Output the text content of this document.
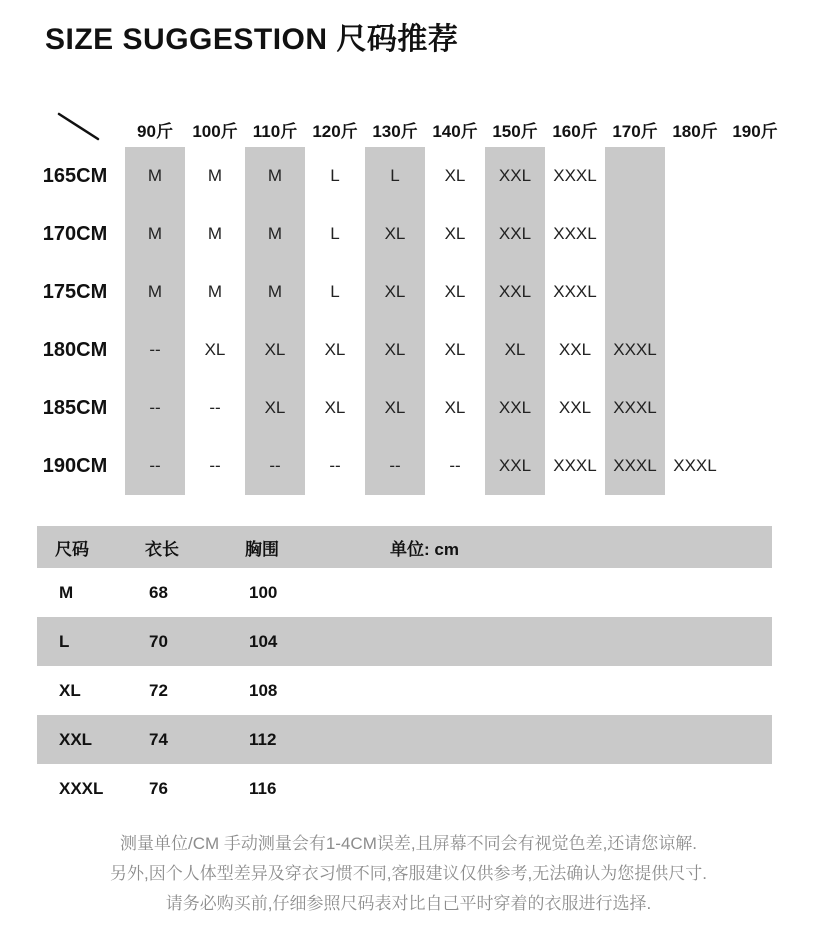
SIZE SUGGESTION 尺码推荐
	90斤	100斤	110斤	120斤	130斤	140斤	150斤	160斤	170斤	180斤	190斤
165CM	M	M	M	L	L	XL	XXL	XXXL			
170CM	M	M	M	L	XL	XL	XXL	XXXL			
175CM	M	M	M	L	XL	XL	XXL	XXXL			
180CM	--	XL	XL	XL	XL	XL	XL	XXL	XXXL		
185CM	--	--	XL	XL	XL	XL	XXL	XXL	XXXL		
190CM	--	--	--	--	--	--	XXL	XXXL	XXXL	XXXL	
尺码	衣长	胸围	单位: cm
M	68	100	
L	70	104	
XL	72	108	
XXL	74	112	
XXXL	76	116	
测量单位/CM 手动测量会有1-4CM误差,且屏幕不同会有视觉色差,还请您谅解.
另外,因个人体型差异及穿衣习惯不同,客服建议仅供参考,无法确认为您提供尺寸.
请务必购买前,仔细参照尺码表对比自己平时穿着的衣服进行选择.
